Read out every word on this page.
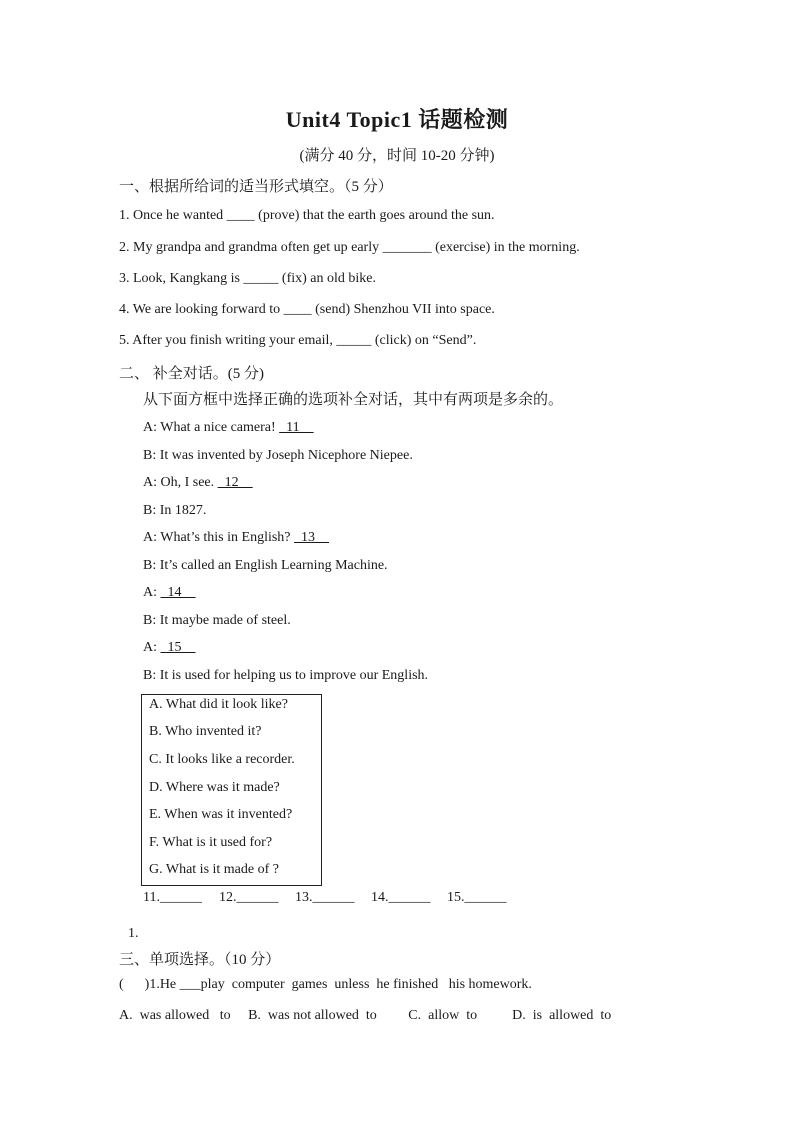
Unit4 Topic1 话题检测
(满分 40 分，时间 10-20 分钟)
一、根据所给词的适当形式填空。（5 分）
1. Once he wanted ____ (prove) that the earth goes around the sun.
2. My grandpa and grandma often get up early _______ (exercise) in the morning.
3. Look, Kangkang is _____ (fix) an old bike.
4. We are looking forward to ____ (send) Shenzhou VII into space.
5. After you finish writing your email, _____ (click) on “Send”.
二、 补全对话。(5 分)
从下面方框中选择正确的选项补全对话，其中有两项是多余的。
A: What a nice camera!   11
B: It was invented by Joseph Nicephore Niepee.
A: Oh, I see.   12
B: In 1827.
A: What’s this in English?   13
B: It’s called an English Learning Machine.
A:   14
B: It maybe made of steel.
A:   15
B: It is used for helping us to improve our English.
A. What did it look like?
B. Who invented it?
C. It looks like a recorder.
D. Where was it made?
E. When was it invented?
F. What is it used for?
G. What is it made of ?
11.______ 12.______ 13.______ 14.______ 15.______
1.
三、单项选择。（10 分）
(      )1.He ___play  computer  games  unless  he finished   his homework.
A.  was allowed   to     B.  was not allowed  to         C.  allow  to          D.  is  allowed  to
